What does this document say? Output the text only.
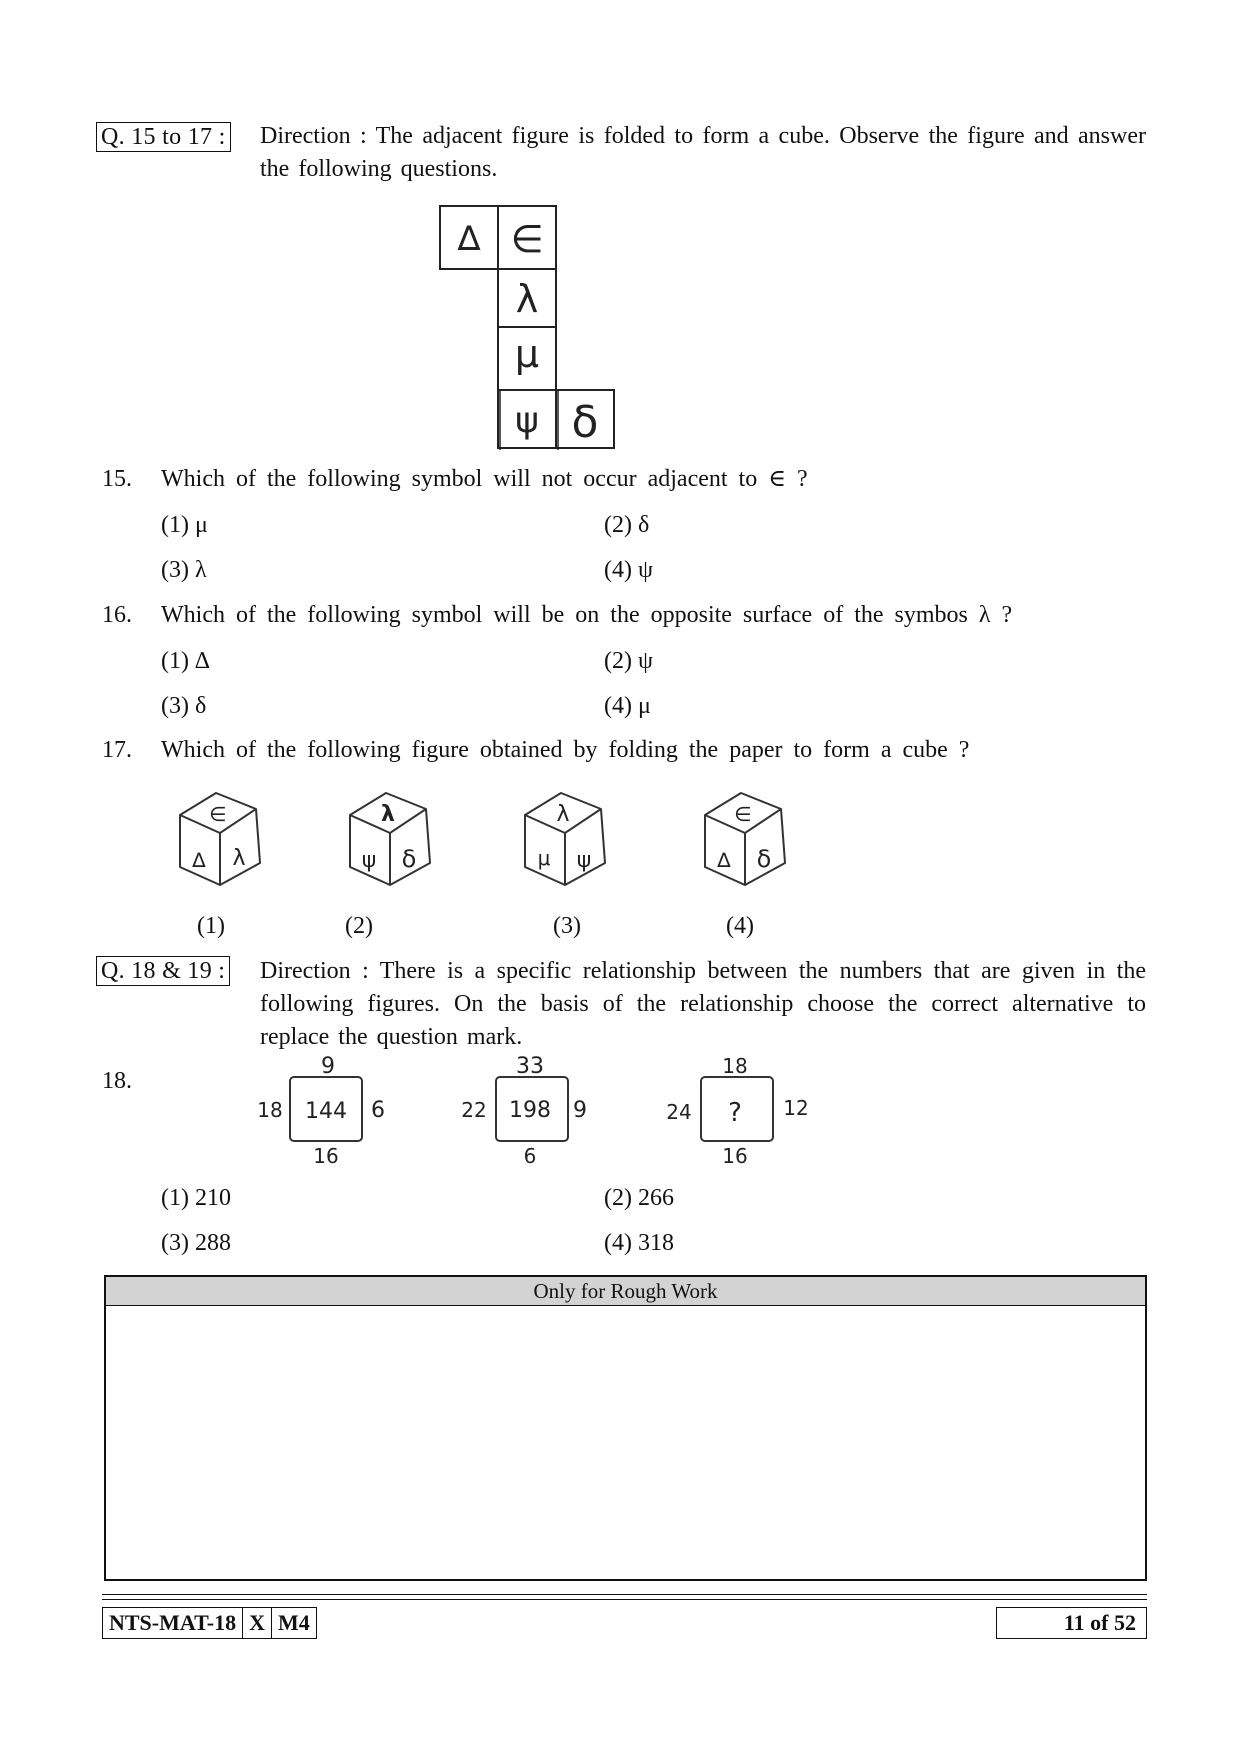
Q. 15 to 17 : Direction : The adjacent figure is folded to form a cube. Observe the figure and answer the following questions.
∆ ∈
λ
μ
ψ δ
15. Which of the following symbol will not occur adjacent to ∈ ?
(1) μ	(2) δ
(3) λ	(4) ψ
16. Which of the following symbol will be on the opposite surface of the symbos λ ?
(1) ∆	(2) ψ
(3) δ	(4) μ
17. Which of the following figure obtained by folding the paper to form a cube ?
∈
∆ λ
λ
ψ δ
λ
μ ψ
∈
∆ δ
(1)	(2)	(3)	(4)
Q. 18 & 19 : Direction : There is a specific relationship between the numbers that are given in the following figures. On the basis of the relationship choose the correct alternative to replace the question mark.
18.
9
18 144 6
16
33
22 198 9
6
18
24 ? 12
16
(1) 210	(2) 266
(3) 288	(4) 318
Only for Rough Work
NTS-MAT-18 X M4	11 of 52
